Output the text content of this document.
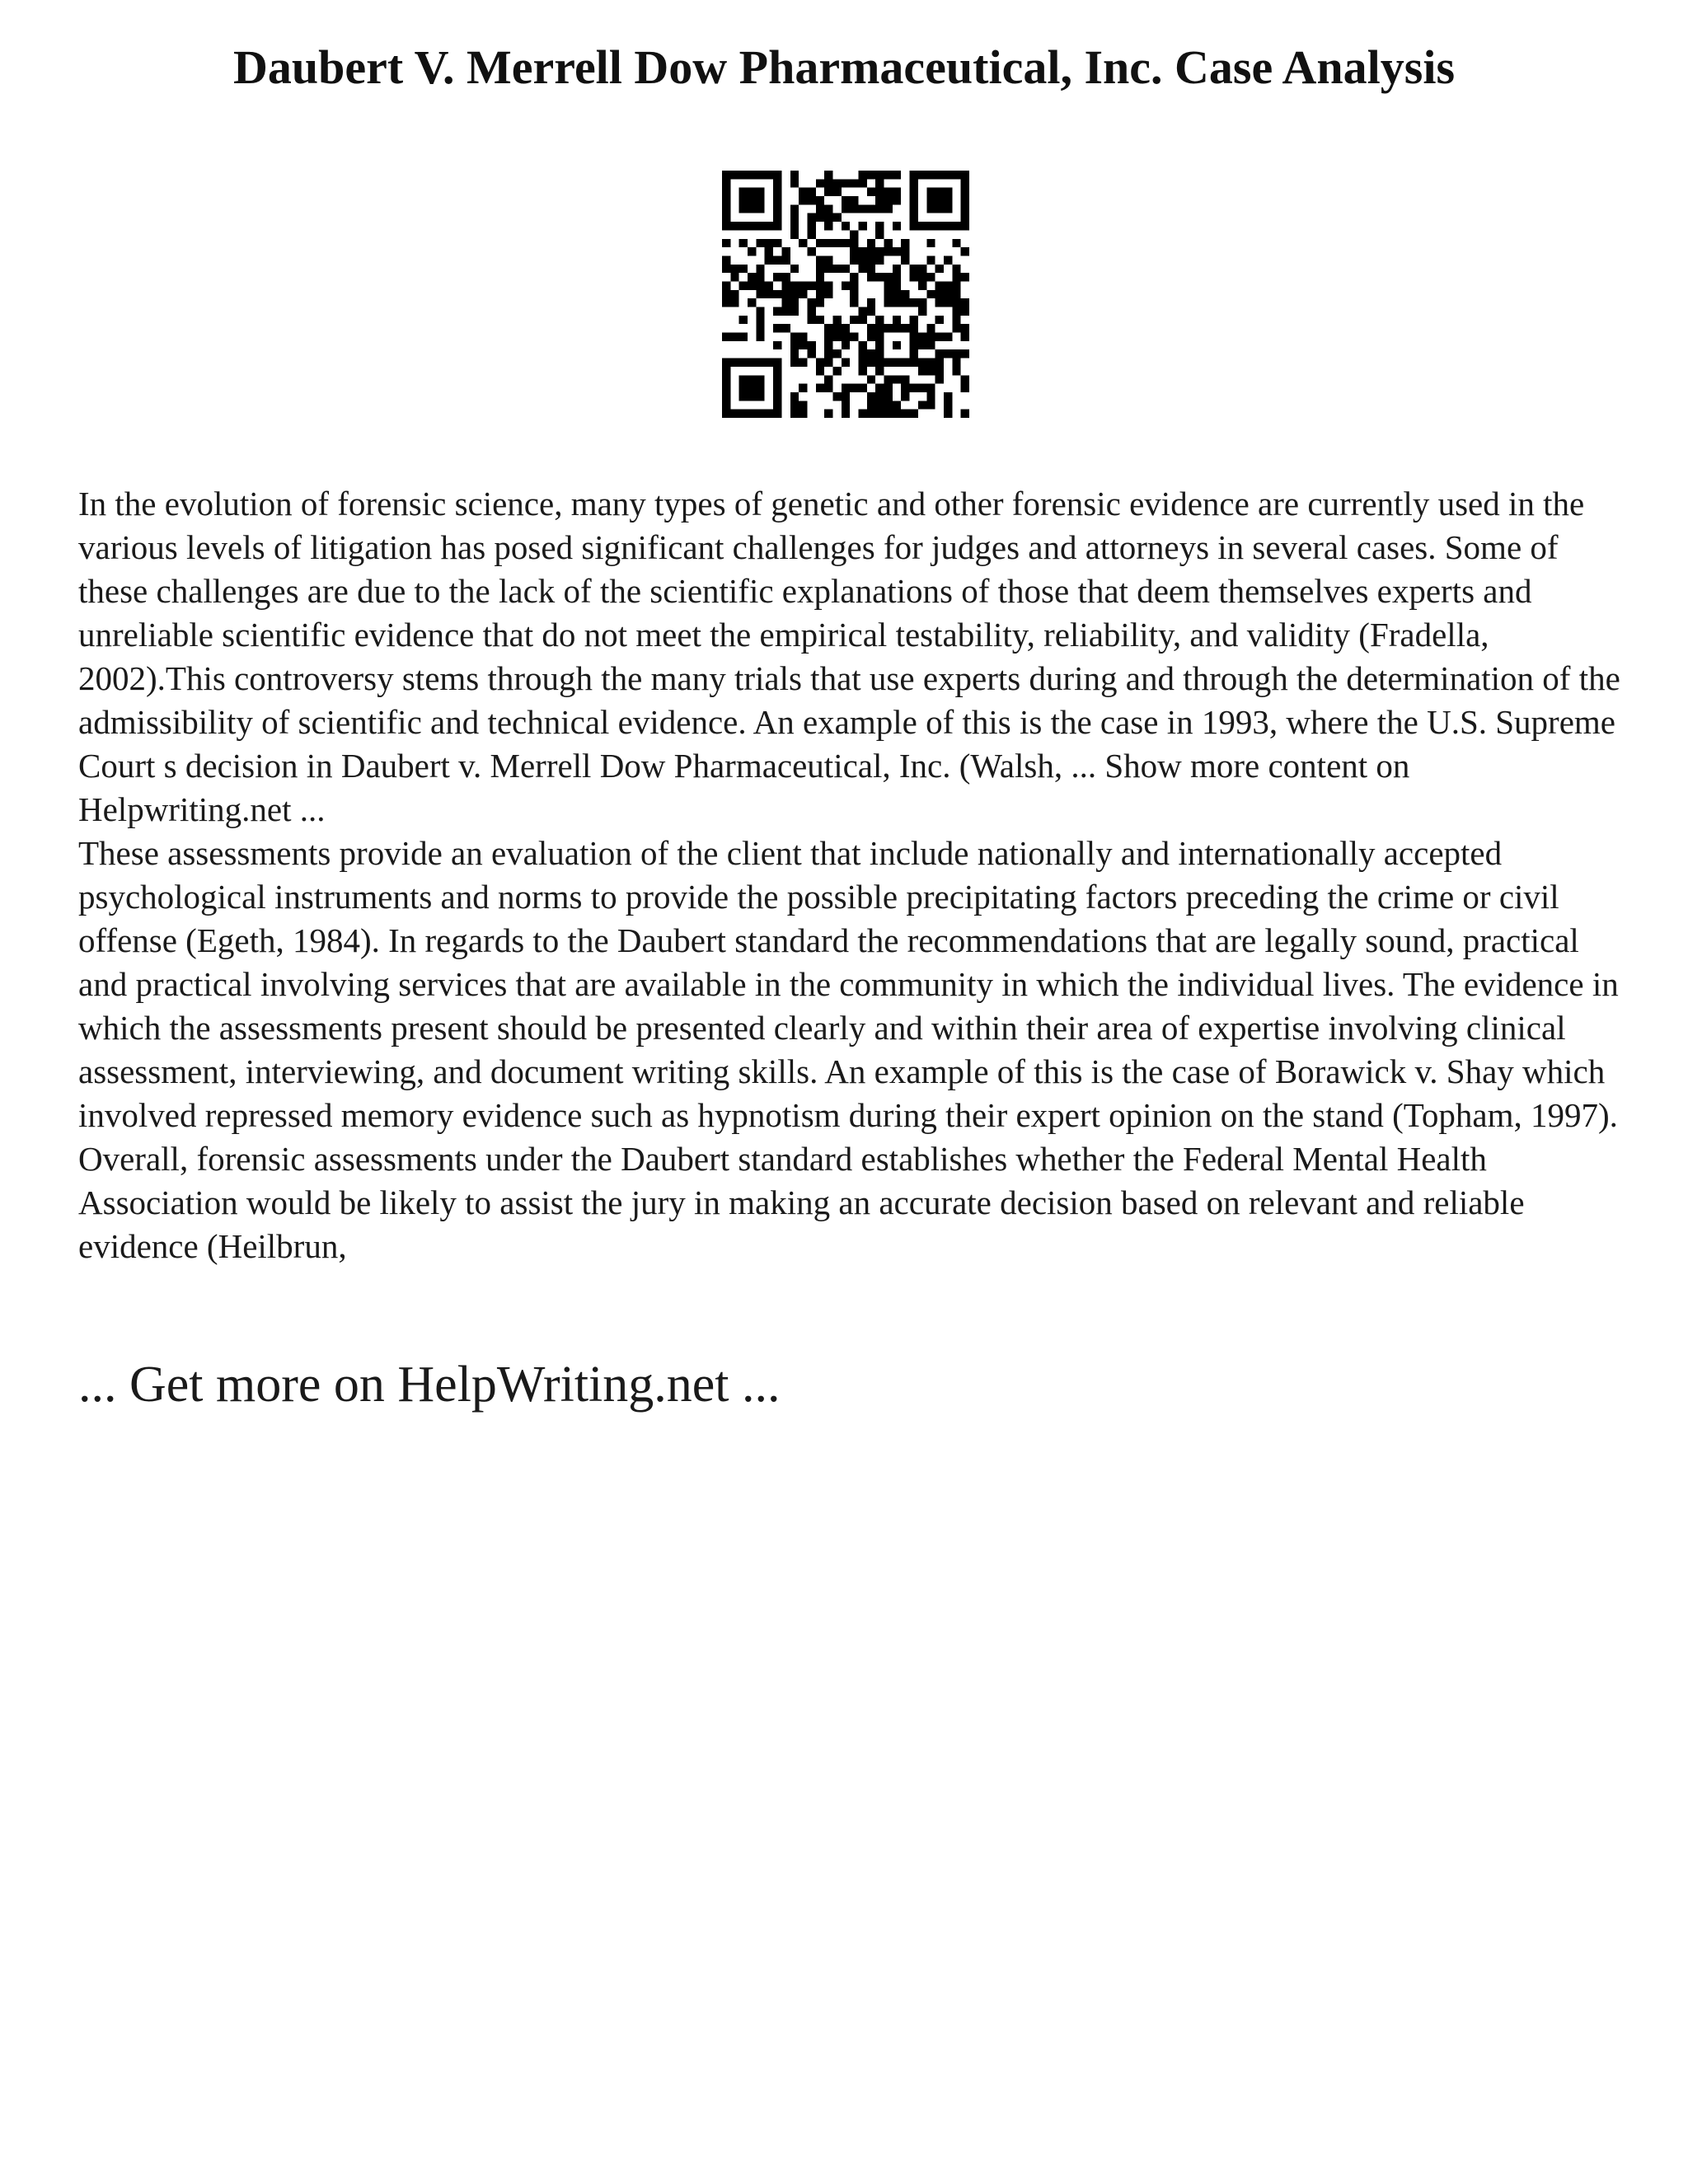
Daubert V. Merrell Dow Pharmaceutical, Inc. Case Analysis

In the evolution of forensic science, many types of genetic and other forensic evidence are currently used in the various levels of litigation has posed significant challenges for judges and attorneys in several cases. Some of these challenges are due to the lack of the scientific explanations of those that deem themselves experts and unreliable scientific evidence that do not meet the empirical testability, reliability, and validity (Fradella, 2002).This controversy stems through the many trials that use experts during and through the determination of the admissibility of scientific and technical evidence. An example of this is the case in 1993, where the U.S. Supreme Court s decision in Daubert v. Merrell Dow Pharmaceutical, Inc. (Walsh, ... Show more content on Helpwriting.net ...

These assessments provide an evaluation of the client that include nationally and internationally accepted psychological instruments and norms to provide the possible precipitating factors preceding the crime or civil offense (Egeth, 1984). In regards to the Daubert standard the recommendations that are legally sound, practical and practical involving services that are available in the community in which the individual lives. The evidence in which the assessments present should be presented clearly and within their area of expertise involving clinical assessment, interviewing, and document writing skills. An example of this is the case of Borawick v. Shay which involved repressed memory evidence such as hypnotism during their expert opinion on the stand (Topham, 1997). Overall, forensic assessments under the Daubert standard establishes whether the Federal Mental Health Association would be likely to assist the jury in making an accurate decision based on relevant and reliable evidence (Heilbrun,

... Get more on HelpWriting.net ...
